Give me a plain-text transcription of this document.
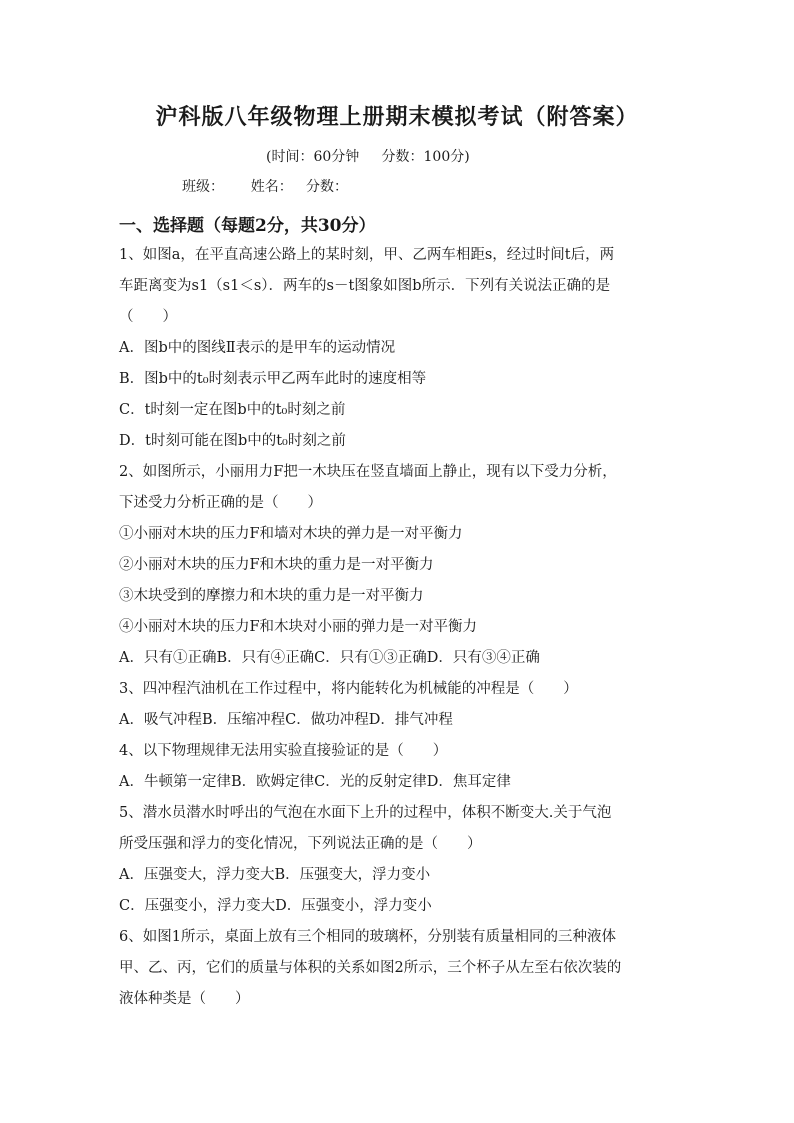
沪科版八年级物理上册期末模拟考试（附答案）
(时间：60分钟     分数：100分)
班级：      姓名：   分数：
一、选择题（每题2分，共30分）
1、如图a，在平直高速公路上的某时刻，甲、乙两车相距s，经过时间t后，两
车距离变为s1（s1＜s）．两车的s－t图象如图b所示．下列有关说法正确的是
（　　）
A．图b中的图线Ⅱ表示的是甲车的运动情况
B．图b中的t₀时刻表示甲乙两车此时的速度相等
C．t时刻一定在图b中的t₀时刻之前
D．t时刻可能在图b中的t₀时刻之前
2、如图所示，小丽用力F把一木块压在竖直墙面上静止，现有以下受力分析，
下述受力分析正确的是（　　）
①小丽对木块的压力F和墙对木块的弹力是一对平衡力
②小丽对木块的压力F和木块的重力是一对平衡力
③木块受到的摩擦力和木块的重力是一对平衡力
④小丽对木块的压力F和木块对小丽的弹力是一对平衡力
A．只有①正确B．只有④正确C．只有①③正确D．只有③④正确
3、四冲程汽油机在工作过程中，将内能转化为机械能的冲程是（　　）
A．吸气冲程B．压缩冲程C．做功冲程D．排气冲程
4、以下物理规律无法用实验直接验证的是（　　）
A．牛顿第一定律B．欧姆定律C．光的反射定律D．焦耳定律
5、潜水员潜水时呼出的气泡在水面下上升的过程中，体积不断变大.关于气泡
所受压强和浮力的变化情况，下列说法正确的是（　　）
A．压强变大，浮力变大B．压强变大，浮力变小
C．压强变小，浮力变大D．压强变小，浮力变小
6、如图1所示，桌面上放有三个相同的玻璃杯，分别装有质量相同的三种液体
甲、乙、丙，它们的质量与体积的关系如图2所示，三个杯子从左至右依次装的
液体种类是（　　）
